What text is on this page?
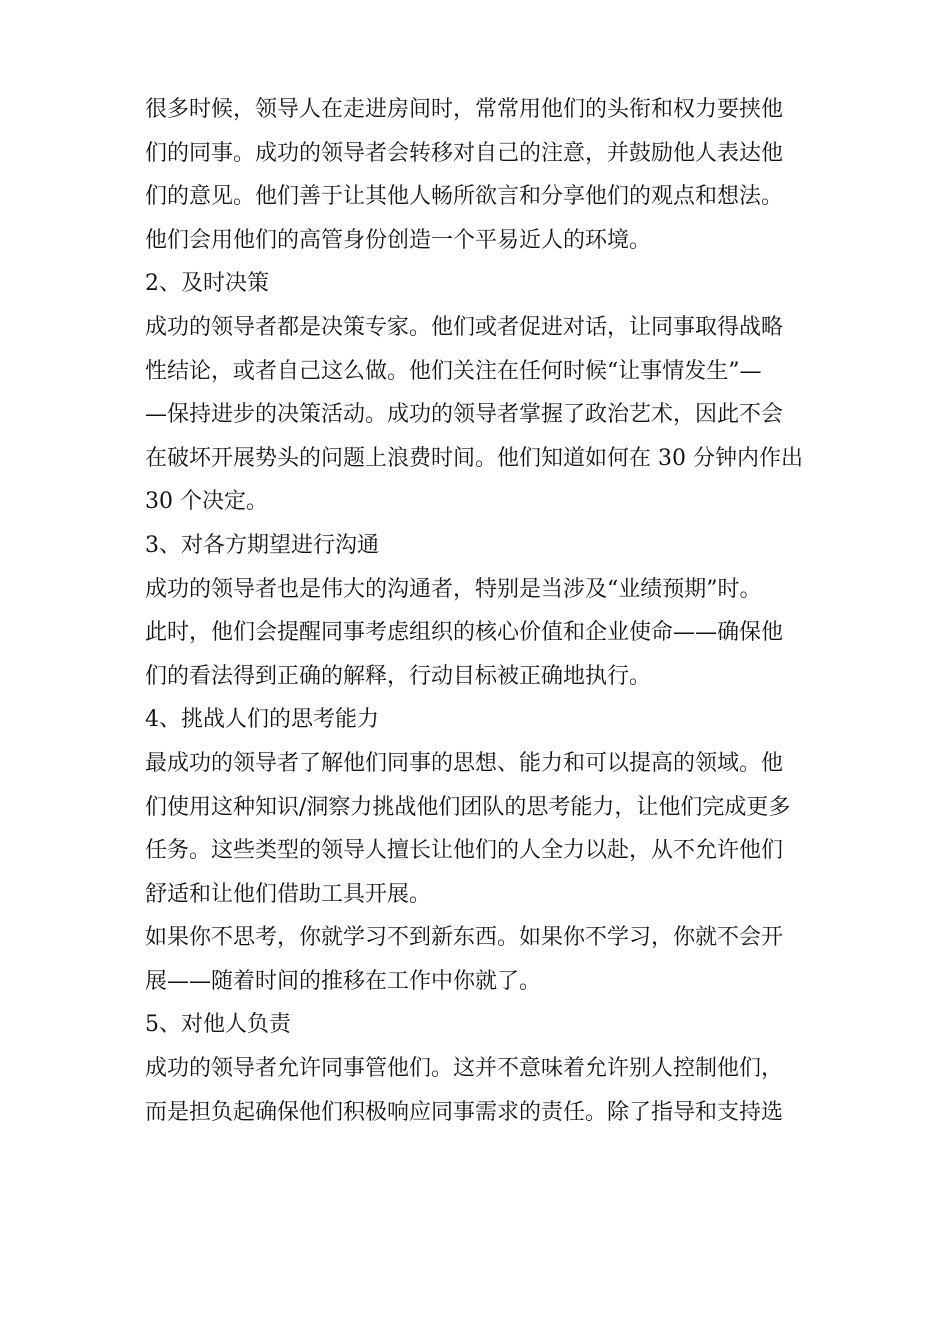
很多时候，领导人在走进房间时，常常用他们的头衔和权力要挟他
们的同事。成功的领导者会转移对自己的注意，并鼓励他人表达他
们的意见。他们善于让其他人畅所欲言和分享他们的观点和想法。
他们会用他们的高管身份创造一个平易近人的环境。
2、及时决策
成功的领导者都是决策专家。他们或者促进对话，让同事取得战略
性结论，或者自己这么做。他们关注在任何时候“让事情发生”—
—保持进步的决策活动。成功的领导者掌握了政治艺术，因此不会
在破坏开展势头的问题上浪费时间。他们知道如何在 30 分钟内作出
30 个决定。
3、对各方期望进行沟通
成功的领导者也是伟大的沟通者，特别是当涉及“业绩预期”时。
此时，他们会提醒同事考虑组织的核心价值和企业使命——确保他
们的看法得到正确的解释，行动目标被正确地执行。
4、挑战人们的思考能力
最成功的领导者了解他们同事的思想、能力和可以提高的领域。他
们使用这种知识/洞察力挑战他们团队的思考能力，让他们完成更多
任务。这些类型的领导人擅长让他们的人全力以赴，从不允许他们
舒适和让他们借助工具开展。
如果你不思考，你就学习不到新东西。如果你不学习，你就不会开
展——随着时间的推移在工作中你就了。
5、对他人负责
成功的领导者允许同事管他们。这并不意味着允许别人控制他们，
而是担负起确保他们积极响应同事需求的责任。除了指导和支持选
